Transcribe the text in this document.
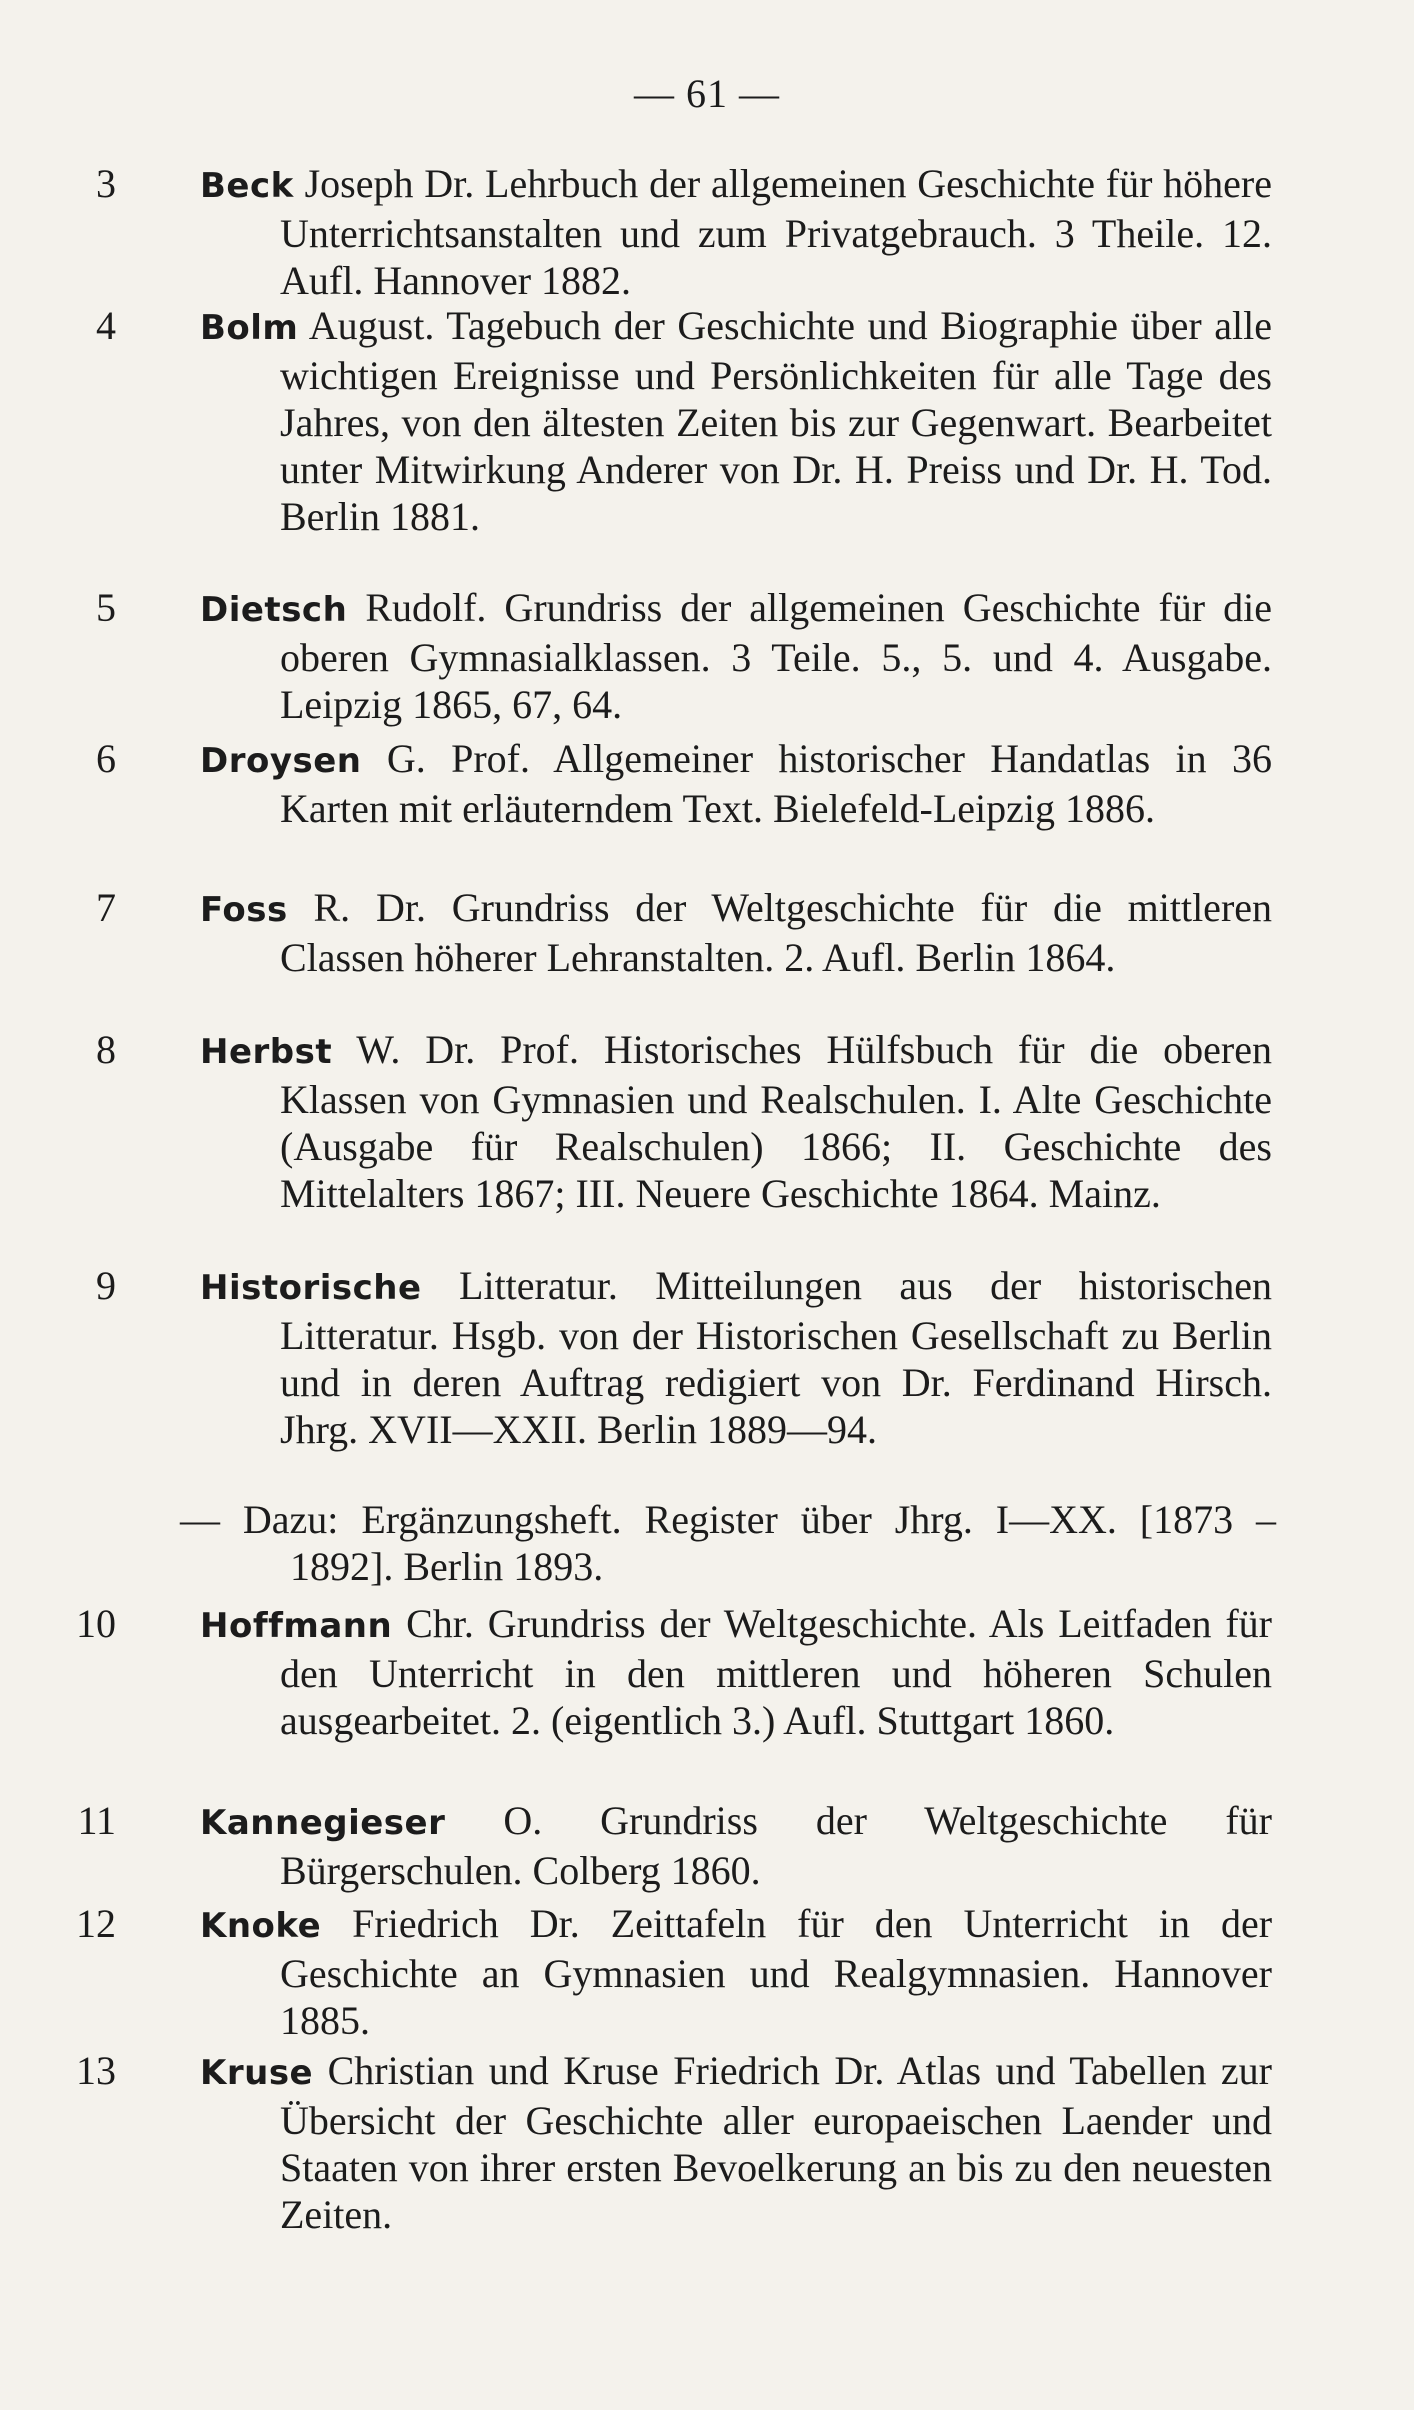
— 61 —
3	Beck Joseph Dr. Lehrbuch der allgemeinen Geschichte für höhere Unterrichtsanstalten und zum Privatgebrauch. 3 Theile. 12. Aufl. Hannover 1882.
4	Bolm August. Tagebuch der Geschichte und Biographie über alle wichtigen Ereignisse und Persönlichkeiten für alle Tage des Jahres, von den ältesten Zeiten bis zur Gegenwart. Bearbeitet unter Mitwirkung Anderer von Dr. H. Preiss und Dr. H. Tod. Berlin 1881.
5	Dietsch Rudolf. Grundriss der allgemeinen Geschichte für die oberen Gymnasialklassen. 3 Teile. 5., 5. und 4. Ausgabe. Leipzig 1865, 67, 64.
6	Droysen G. Prof. Allgemeiner historischer Handatlas in 36 Karten mit erläuterndem Text. Bielefeld-Leipzig 1886.
7	Foss R. Dr. Grundriss der Weltgeschichte für die mittleren Classen höherer Lehranstalten. 2. Aufl. Berlin 1864.
8	Herbst W. Dr. Prof. Historisches Hülfsbuch für die oberen Klassen von Gymnasien und Realschulen. I. Alte Geschichte (Ausgabe für Realschulen) 1866; II. Geschichte des Mittelalters 1867; III. Neuere Geschichte 1864. Mainz.
9	Historische Litteratur. Mitteilungen aus der historischen Litteratur. Hsgb. von der Historischen Gesellschaft zu Berlin und in deren Auftrag redigiert von Dr. Ferdinand Hirsch. Jhrg. XVII—XXII. Berlin 1889—94.
— Dazu: Ergänzungsheft. Register über Jhrg. I—XX. [1873 – 1892]. Berlin 1893.
10	Hoffmann Chr. Grundriss der Weltgeschichte. Als Leitfaden für den Unterricht in den mittleren und höheren Schulen ausgearbeitet. 2. (eigentlich 3.) Aufl. Stuttgart 1860.
11	Kannegieser O. Grundriss der Weltgeschichte für Bürgerschulen. Colberg 1860.
12	Knoke Friedrich Dr. Zeittafeln für den Unterricht in der Geschichte an Gymnasien und Realgymnasien. Hannover 1885.
13	Kruse Christian und Kruse Friedrich Dr. Atlas und Tabellen zur Übersicht der Geschichte aller europaeischen Laender und Staaten von ihrer ersten Bevoelkerung an bis zu den neuesten Zeiten.
